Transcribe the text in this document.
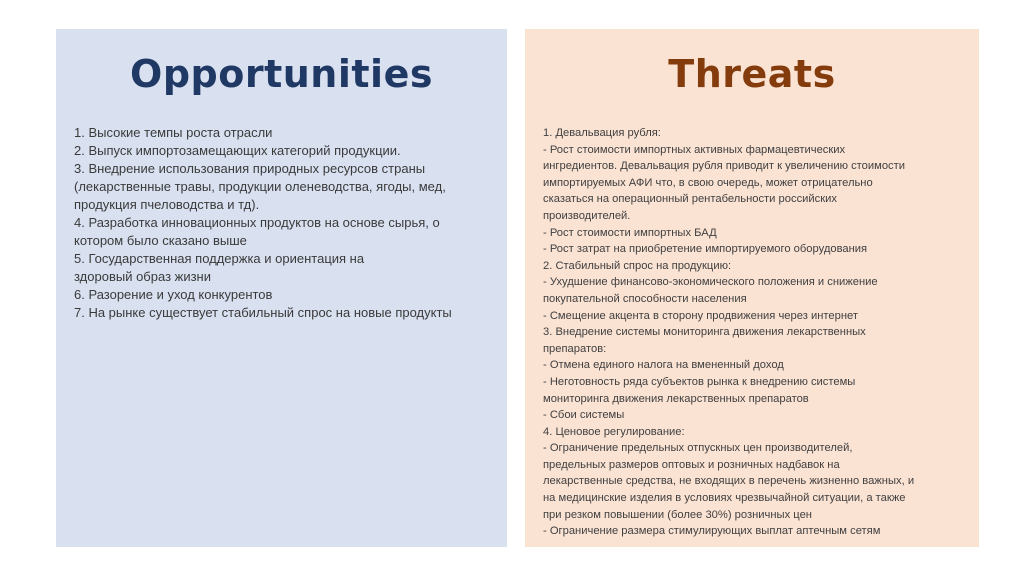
Opportunities
1. Высокие темпы роста отрасли
2. Выпуск импортозамещающих категорий продукции.
3. Внедрение использования природных ресурсов страны
(лекарственные травы, продукции оленеводства, ягоды, мед,
продукция пчеловодства и тд).
4. Разработка инновационных продуктов на основе сырья, о
котором было сказано выше
5. Государственная поддержка и ориентация на
здоровый образ жизни
6. Разорение и уход конкурентов
7. На рынке существует стабильный спрос на новые продукты
Threats
1. Девальвация рубля:
- Рост стоимости импортных активных фармацевтических
ингредиентов. Девальвация рубля приводит к увеличению стоимости
импортируемых АФИ что, в свою очередь, может отрицательно
сказаться на операционный рентабельности российских
производителей.
- Рост стоимости импортных БАД
- Рост затрат на приобретение импортируемого оборудования
2. Стабильный спрос на продукцию:
- Ухудшение финансово-экономического положения и снижение
покупательной способности населения
- Смещение акцента в сторону продвижения через интернет
3. Внедрение системы мониторинга движения лекарственных
препаратов:
- Отмена единого налога на вмененный доход
- Неготовность ряда субъектов рынка к внедрению системы
мониторинга движения лекарственных препаратов
- Сбои системы
4. Ценовое регулирование:
- Ограничение предельных отпускных цен производителей,
предельных размеров оптовых и розничных надбавок на
лекарственные средства, не входящих в перечень жизненно важных, и
на медицинские изделия в условиях чрезвычайной ситуации, а также
при резком повышении (более 30%) розничных цен
- Ограничение размера стимулирующих выплат аптечным сетям
